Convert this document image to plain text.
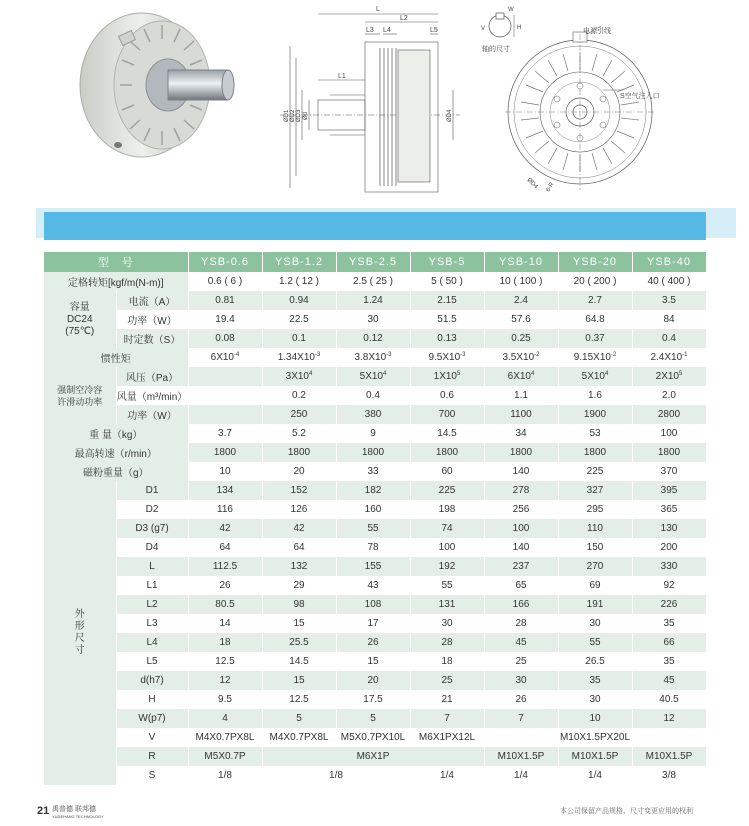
L
L2
L3 L4	L5
L1
ØD1 ØD2 ØD3 Ød	ØD4
W
V	H
轴的尺寸
电源引线
S空气注入口
ØD4 6-R
型　号		YSB-0.6	YSB-1.2	YSB-2.5	YSB-5	YSB-10	YSB-20	YSB-40
定格转矩[kgf/m(N-m)]		0.6 ( 6 )	1.2 ( 12 )	2.5 ( 25 )	5 ( 50 )	10 ( 100 )	20 ( 200 )	40 ( 400 )
容量
DC24
(75℃)	电流（A）	0.81	0.94	1.24	2.15	2.4	2.7	3.5
	功率（W）	19.4	22.5	30	51.5	57.6	64.8	84
	时定数（S）	0.08	0.1	0.12	0.13	0.25	0.37	0.4
惯性矩		$6X10^{-4}$	$1.34X10^{-3}$	$3.8X10^{-3}$	$9.5X10^{-3}$	$3.5X10^{-2}$	$9.15X10^{-2}$	$2.4X10^{-1}$
强制空冷容
许滑动功率	风压（Pa）		$3X10^4$	$5X10^4$	$1X10^5$	$6X10^4$	$5X10^4$	$2X10^5$
	风量（m³/min）		0.2	0.4	0.6	1.1	1.6	2.0
	功率（W）		250	380	700	1100	1900	2800
重 量（kg）		3.7	5.2	9	14.5	34	53	100
最高转速（r/min）		1800	1800	1800	1800	1800	1800	1800
磁粉重量（g）		10	20	33	60	140	225	370
外
形
尺
寸	D1	134	152	182	225	278	327	395
	D2	116	126	160	198	256	295	365
	D3 (g7)	42	42	55	74	100	110	130
	D4	64	64	78	100	140	150	200
	L	112.5	132	155	192	237	270	330
	L1	26	29	43	55	65	69	92
	L2	80.5	98	108	131	166	191	226
	L3	14	15	17	30	28	30	35
	L4	18	25.5	26	28	45	55	66
	L5	12.5	14.5	15	18	25	26.5	35
	d(h7)	12	15	20	25	30	35	45
	H	9.5	12.5	17.5	21	26	30	40.5
	W(p7)	4	5	5	7	7	10	12
	V	M4X0.7PX8L	M4X0.7PX8L	M5X0.7PX10L	M6X1PX12L	M10X1.5PX20L		
	R	M5X0.7P	M6X1P			M10X1.5P	M10X1.5P	M10X1.5P
	S	1/8	1/8		1/4	1/4	1/4	3/8
21 禹普德 联邦德
YUDEHANG TECHNOLOGY
本公司保留产品规格、尺寸变更应用的权利
